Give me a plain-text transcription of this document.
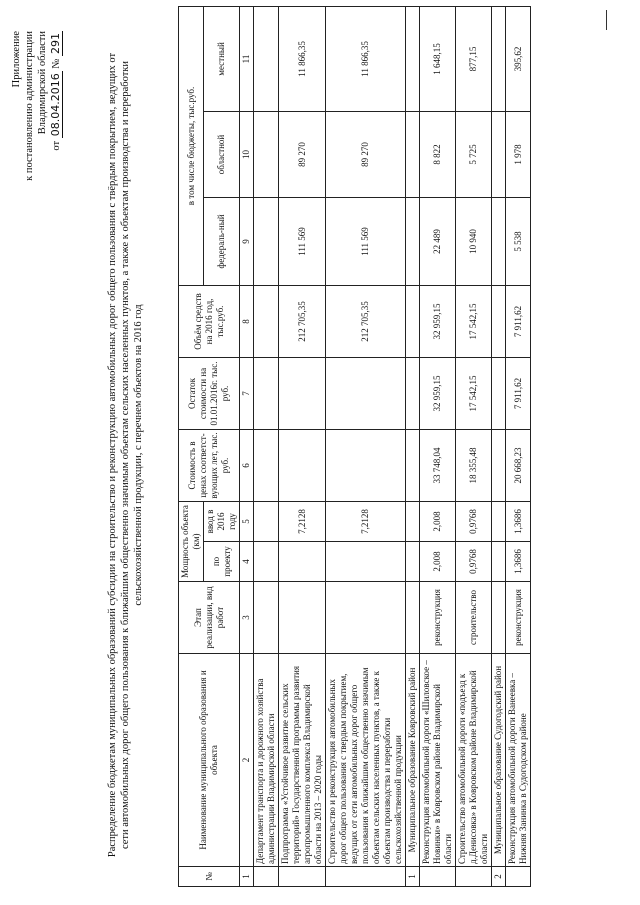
Приложение к постановлению администрации Владимирской области
от 08.04.2016 № 291
Распределение бюджетам муниципальных образований субсидии на строительство и реконструкцию автомобильных дорог общего пользования с твёрдым покрытием, ведущих от сети автомобильных дорог общего пользования к ближайшим общественно значимым объектам сельских населенных пунктов, а также к объектам производства и переработки сельскохозяйственной продукции, с перечнем объектов на 2016 год
№	Наименование муниципального образования и объекта	Этап реализации, вид работ	Мощность объекта (км)		Стоимость в ценах соответст-вующих лет, тыс. руб.	Остаток стоимости на 01.01.2016г. тыс. руб.	Объём средств на 2016 год, тыс.руб.	в том числе бюджеты, тыс.руб.		
			по проекту	ввод в 2016 году				федераль-ный	областной	местный
1	2	3	4	5	6	7	8	9	10	11
	Департамент транспорта и дорожного хозяйства администрации Владимирской области									
	Подпрограмма «Устойчивое развитие сельских территорий» Государственной программы развития агропромышленного комплекса Владимирской области на 2013 – 2020 годы			7,2128			212 705,35	111 569	89 270	11 866,35
	Строительство и реконструкция автомобильных дорог общего пользования с твердым покрытием, ведущих от сети автомобильных дорог общего пользования к ближайшим общественно значимым объектам сельских населенных пунктов, а также к объектам производства и переработки сельскохозяйственной продукции			7,2128			212 705,35	111 569	89 270	11 866,35
1	Муниципальное образование Ковровский район									
	Реконструкция автомобильной дороги «Шиловское – Новинки» в Ковровском районе Владимирской области	реконструкция	2,008	2,008	33 748,04	32 959,15	32 959,15	22 489	8 822	1 648,15
	Строительство автомобильной дороги «подъезд к д.Денисовка» в Ковровском районе Владимирской области	строительство	0,9768	0,9768	18 355,48	17 542,15	17 542,15	10 940	5 725	877,15
2	Муниципальное образование Судогодский район									
	Реконструкция автомобильной дороги Ванеевка – Нижняя Занинка в Судогодском районе	реконструкция	1,3686	1,3686	20 668,23	7 911,62	7 911,62	5 538	1 978	395,62
